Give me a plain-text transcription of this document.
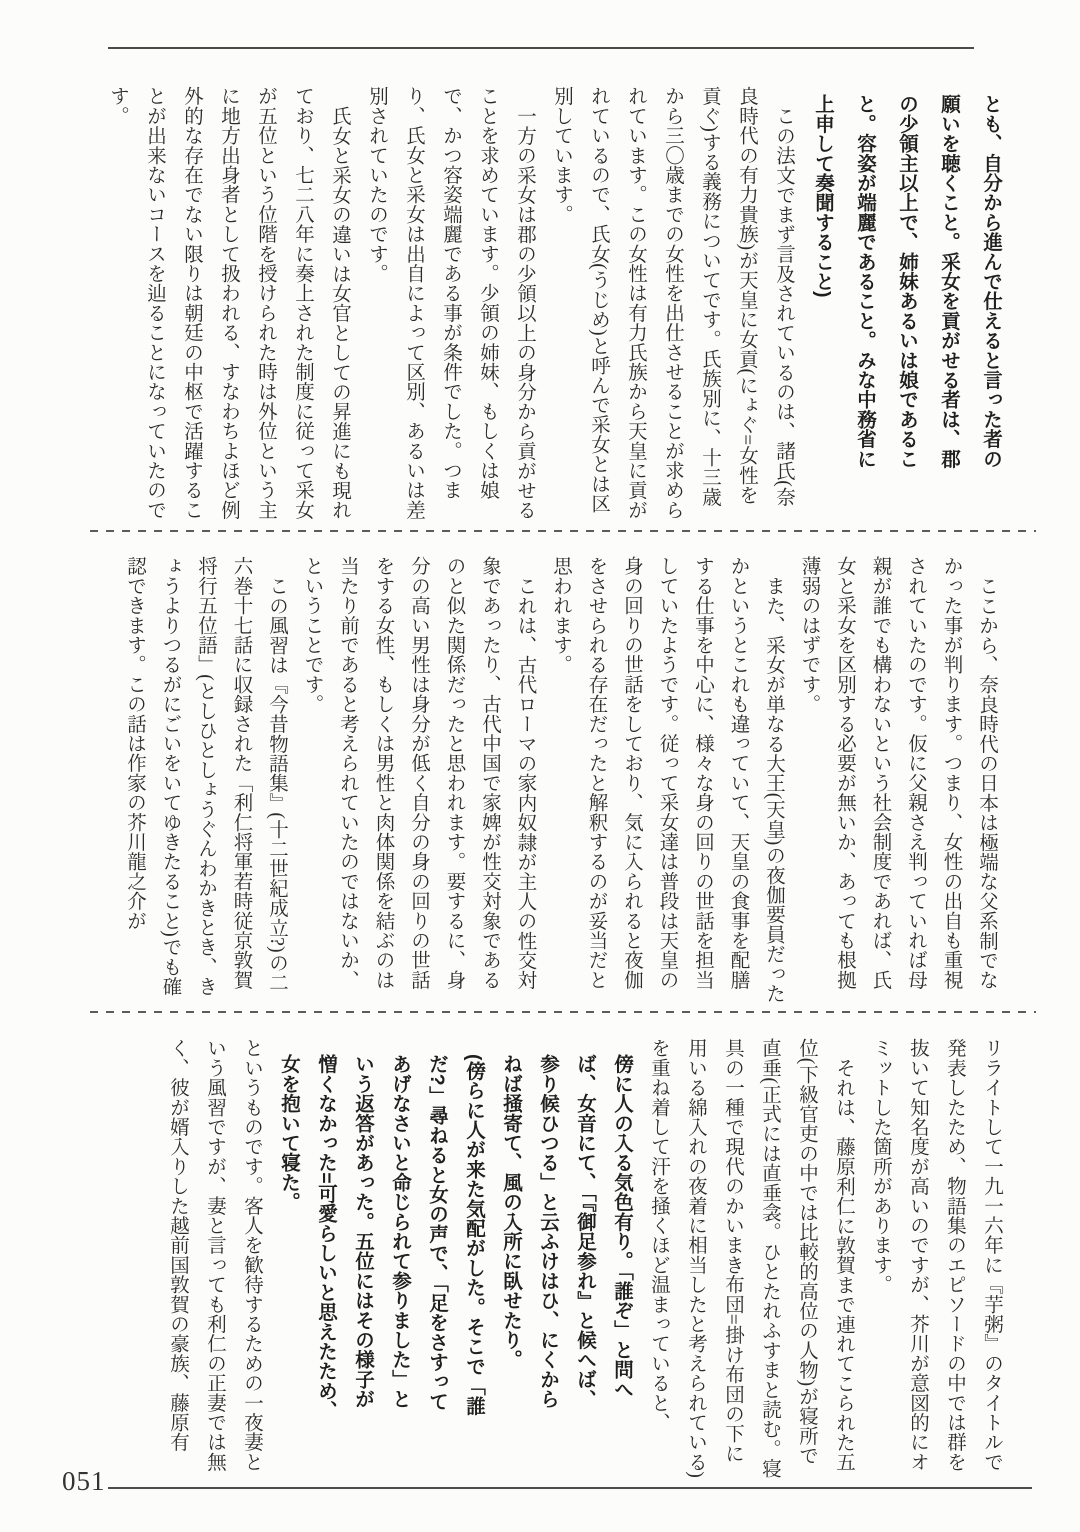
とも、自分から進んで仕えると言った者の願いを聴くこと。采女を貢がせる者は、郡の少領主以上で、姉妹あるいは娘であること。容姿が端麗であること。みな中務省に上申して奏聞すること)

この法文でまず言及されているのは、諸氏(奈良時代の有力貴族)が天皇に女貢(にょぐ=女性を貢ぐ)する義務についてです。氏族別に、十三歳から三〇歳までの女性を出仕させることが求められています。この女性は有力氏族から天皇に貢がれているので、氏女(うじめ)と呼んで采女とは区別しています。

一方の采女は郡の少領以上の身分から貢がせることを求めています。少領の姉妹、もしくは娘で、かつ容姿端麗である事が条件でした。つまり、氏女と采女は出自によって区別、あるいは差別されていたのです。

氏女と采女の違いは女官としての昇進にも現れており、七二八年に奏上された制度に従って采女が五位という位階を授けられた時は外位という主に地方出身者として扱われる、すなわちよほど例外的な存在でない限りは朝廷の中枢で活躍することが出来ないコースを辿ることになっていたのです。

ここから、奈良時代の日本は極端な父系制でなかった事が判ります。つまり、女性の出自も重視されていたのです。仮に父親さえ判っていれば母親が誰でも構わないという社会制度であれば、氏女と采女を区別する必要が無いか、あっても根拠薄弱のはずです。

また、采女が単なる大王(天皇)の夜伽要員だったかというとこれも違っていて、天皇の食事を配膳する仕事を中心に、様々な身の回りの世話を担当していたようです。従って采女達は普段は天皇の身の回りの世話をしており、気に入られると夜伽をさせられる存在だったと解釈するのが妥当だと思われます。

これは、古代ローマの家内奴隷が主人の性交対象であったり、古代中国で家婢が性交対象であるのと似た関係だったと思われます。要するに、身分の高い男性は身分が低く自分の身の回りの世話をする女性、もしくは男性と肉体関係を結ぶのは当たり前であると考えられていたのではないか、ということです。

この風習は『今昔物語集』(十二世紀成立?)の二六巻十七話に収録された「利仁将軍若時従京敦賀将行五位語」(としひとしょうぐんわかきとき、きょうよりつるがにごいをいてゆきたること)でも確認できます。この話は作家の芥川龍之介が

リライトして一九一六年に『芋粥』のタイトルで発表したため、物語集のエピソードの中では群を抜いて知名度が高いのですが、芥川が意図的にオミットした箇所があります。

それは、藤原利仁に敦賀まで連れてこられた五位(下級官吏の中では比較的高位の人物)が寝所で直垂(正式には直垂衾。ひとたれふすまと読む。寝具の一種で現代のかいまき布団=掛け布団の下に用いる綿入れの夜着に相当したと考えられている)を重ね着して汗を掻くほど温まっていると、

傍に人の入る気色有り。「誰ぞ」と問へば、女音にて、「『御足参れ』と候へば、参り候ひつる」と云ふけはひ、にくからねば掻寄て、風の入所に臥せたり。

(傍らに人が来た気配がした。そこで「誰だ?」尋ねると女の声で、「足をさすってあげなさいと命じられて参りました」という返答があった。五位にはその様子が憎くなかった=可愛らしいと思えたため、女を抱いて寝た。

というものです。客人を歓待するための一夜妻という風習ですが、妻と言っても利仁の正妻では無く、彼が婿入りした越前国敦賀の豪族、藤原有

051
